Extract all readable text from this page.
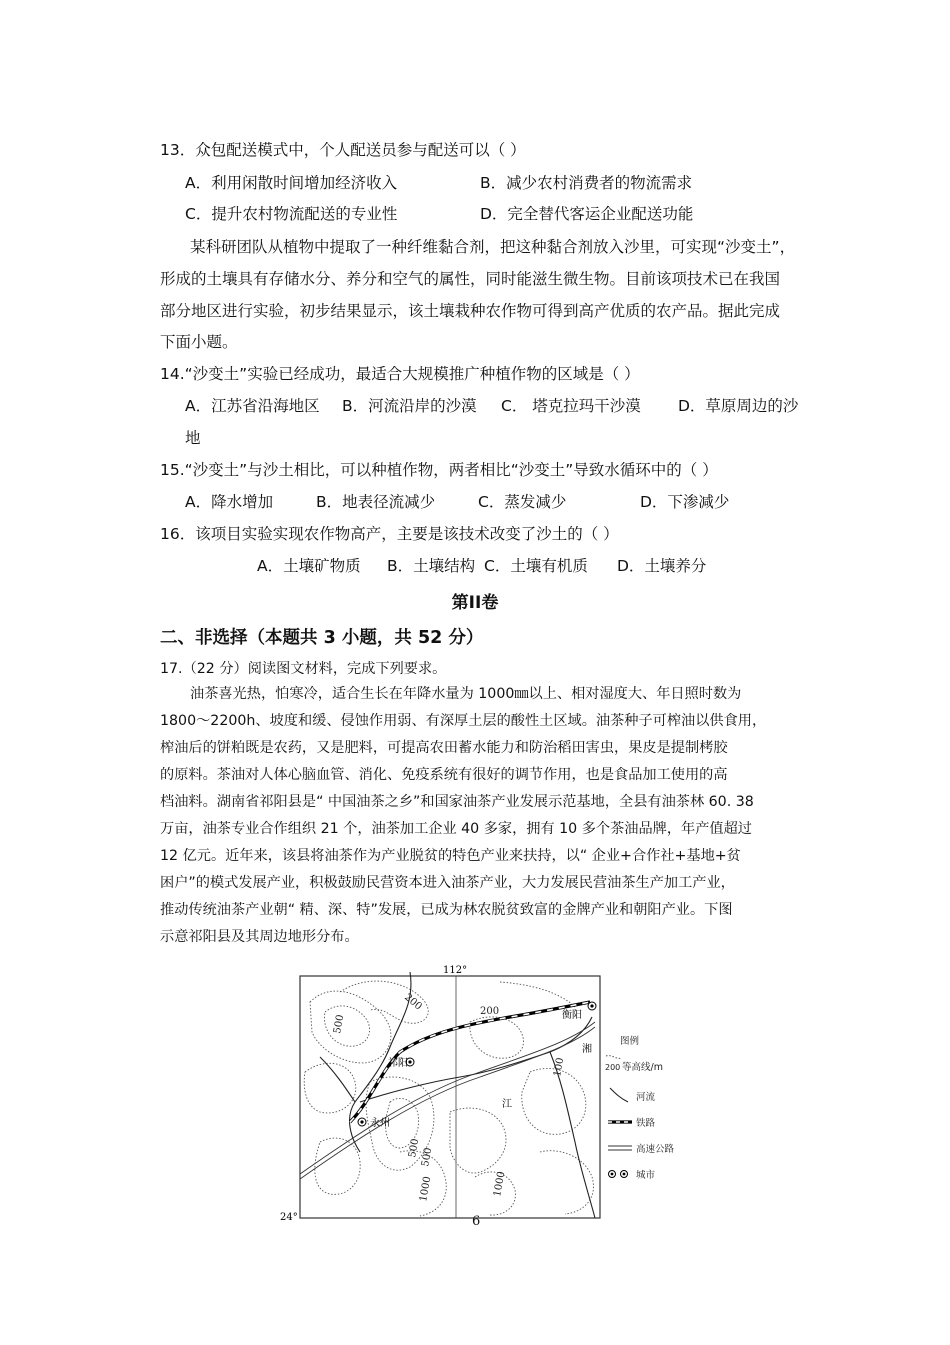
13．众包配送模式中，个人配送员参与配送可以（ ）
A．利用闲散时间增加经济收入	B．减少农村消费者的物流需求
C．提升农村物流配送的专业性	D．完全替代客运企业配送功能
某科研团队从植物中提取了一种纤维黏合剂，把这种黏合剂放入沙里，可实现“沙变土”，
形成的土壤具有存储水分、养分和空气的属性，同时能滋生微生物。目前该项技术已在我国
部分地区进行实验，初步结果显示，该土壤栽种农作物可得到高产优质的农产品。据此完成
下面小题。
14.“沙变土”实验已经成功，最适合大规模推广种植作物的区域是（ ）
A．江苏省沿海地区 B．河流沿岸的沙漠 C． 塔克拉玛干沙漠 D．草原周边的沙
地
15.“沙变土”与沙土相比，可以种植作物，两者相比“沙变土”导致水循环中的（ ）
A．降水增加	B．地表径流减少	C．蒸发减少	D．下渗减少
16．该项目实验实现农作物高产，主要是该技术改变了沙土的（ ）
A．土壤矿物质 B．土壤结构 C．土壤有机质 D．土壤养分
第II卷
二、非选择（本题共 3 小题，共 52 分）
17.（22 分）阅读图文材料，完成下列要求。
油茶喜光热，怕寒冷，适合生长在年降水量为 1000㎜以上、相对湿度大、年日照时数为
1800～2200h、坡度和缓、侵蚀作用弱、有深厚土层的酸性土区域。油茶种子可榨油以供食用，
榨油后的饼粕既是农药，又是肥料，可提高农田蓄水能力和防治稻田害虫，果皮是提制栲胶
的原料。茶油对人体心脑血管、消化、免疫系统有很好的调节作用，也是食品加工使用的高
档油料。湖南省祁阳县是“ 中国油茶之乡”和国家油茶产业发展示范基地，全县有油茶林 60. 38
万亩，油茶专业合作组织 21 个，油茶加工企业 40 多家，拥有 10 多个茶油品牌，年产值超过
12 亿元。近年来，该县将油茶作为产业脱贫的特色产业来扶持，以“ 企业+合作社+基地+贫
困户”的模式发展产业，积极鼓励民营资本进入油茶产业，大力发展民营油茶生产加工产业，
推动传统油茶产业朝“ 精、深、特”发展，已成为林农脱贫致富的金牌产业和朝阳产业。下图
示意祁阳县及其周边地形分布。
112°
24°
200
500
100
200
500
1000
500
1000
衡阳
祁阳
永州
湘
江
图例
200 等高线/m
河流
铁路
高速公路
城市
6
